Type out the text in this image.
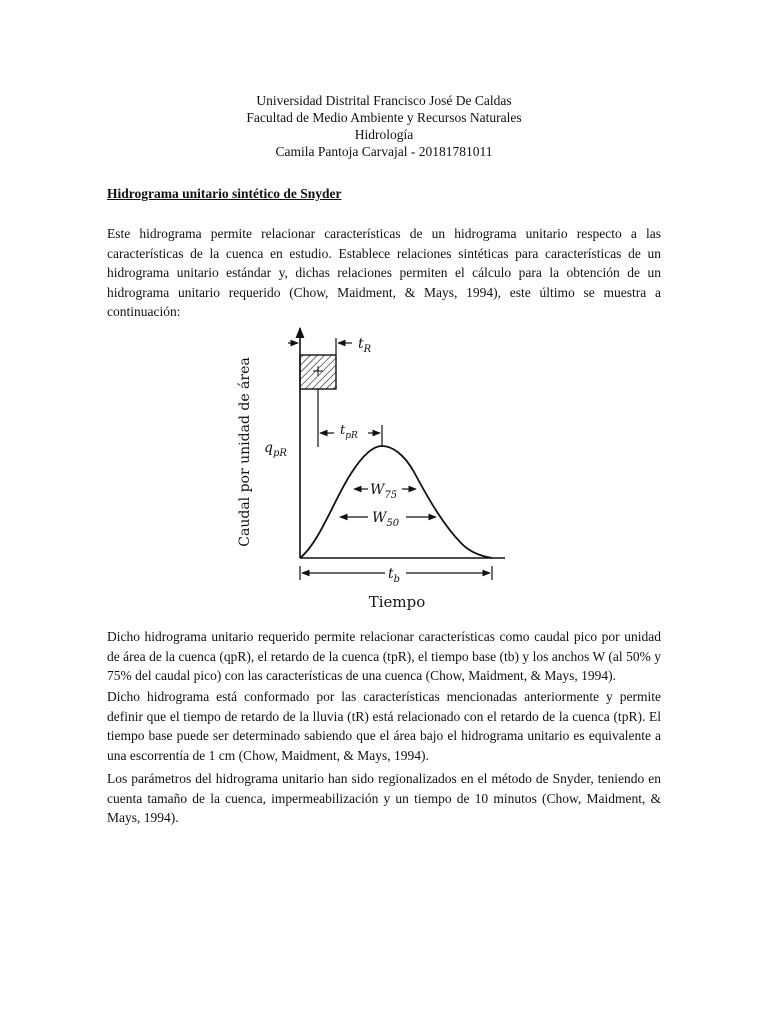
Universidad Distrital Francisco José De Caldas
Facultad de Medio Ambiente y Recursos Naturales
Hidrología
Camila Pantoja Carvajal - 20181781011
Hidrograma unitario sintético de Snyder

Este hidrograma permite relacionar características de un hidrograma unitario respecto a las características de la cuenca en estudio. Establece relaciones sintéticas para características de un hidrograma unitario estándar y, dichas relaciones permiten el cálculo para la obtención de un hidrograma unitario requerido (Chow, Maidment, & Mays, 1994), este último se muestra a continuación:

$t_R$
$t_{pR}$
$q_{pR}$
$W_{75}$
$W_{50}$
$t_b$
Caudal por unidad de área
Tiempo

Dicho hidrograma unitario requerido permite relacionar características como caudal pico por unidad de área de la cuenca (qpR), el retardo de la cuenca (tpR), el tiempo base (tb) y los anchos W (al 50% y 75% del caudal pico) con las características de una cuenca (Chow, Maidment, & Mays, 1994).

Dicho hidrograma está conformado por las características mencionadas anteriormente y permite definir que el tiempo de retardo de la lluvia (tR) está relacionado con el retardo de la cuenca (tpR). El tiempo base puede ser determinado sabiendo que el área bajo el hidrograma unitario es equivalente a una escorrentía de 1 cm (Chow, Maidment, & Mays, 1994).

Los parámetros del hidrograma unitario han sido regionalizados en el método de Snyder, teniendo en cuenta tamaño de la cuenca, impermeabilización y un tiempo de 10 minutos (Chow, Maidment, & Mays, 1994).
